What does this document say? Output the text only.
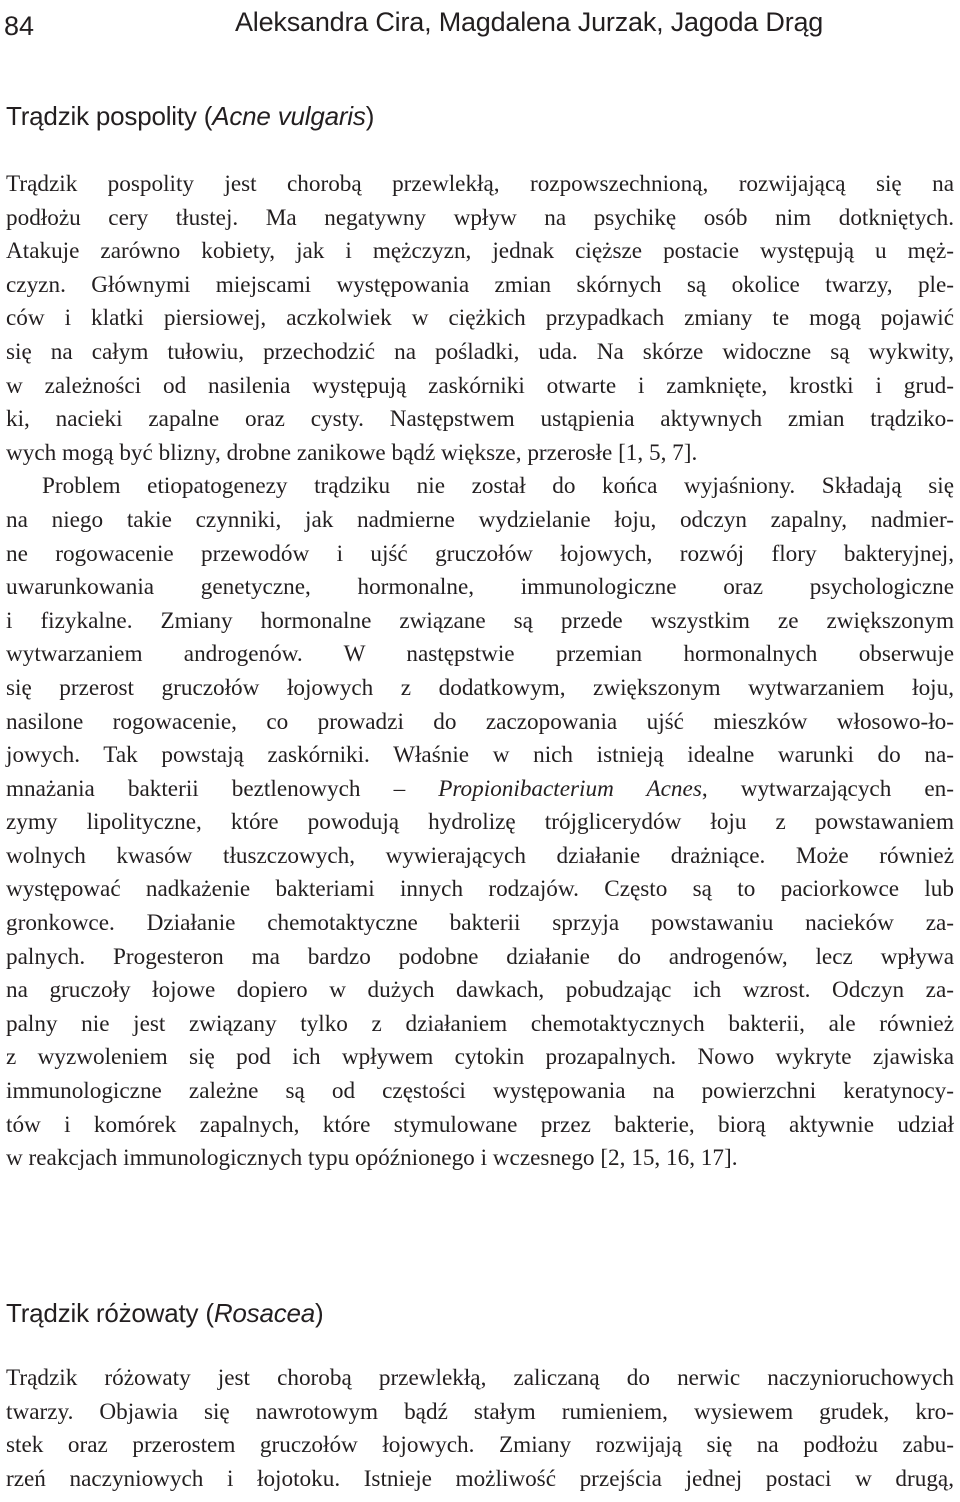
84	Aleksandra Cira, Magdalena Jurzak, Jagoda Drąg
Trądzik pospolity (Acne vulgaris)

Trądzik pospolity jest chorobą przewlekłą, rozpowszechnioną, rozwijającą się na
podłożu cery tłustej. Ma negatywny wpływ na psychikę osób nim dotkniętych.
Atakuje zarówno kobiety, jak i mężczyzn, jednak cięższe postacie występują u męż-
czyzn. Głównymi miejscami występowania zmian skórnych są okolice twarzy, ple-
ców i klatki piersiowej, aczkolwiek w ciężkich przypadkach zmiany te mogą pojawić
się na całym tułowiu, przechodzić na pośladki, uda. Na skórze widoczne są wykwity,
w zależności od nasilenia występują zaskórniki otwarte i zamknięte, krostki i grud-
ki, nacieki zapalne oraz cysty. Następstwem ustąpienia aktywnych zmian trądziko-
wych mogą być blizny, drobne zanikowe bądź większe, przerosłe [1, 5, 7].

Problem etiopatogenezy trądziku nie został do końca wyjaśniony. Składają się
na niego takie czynniki, jak nadmierne wydzielanie łoju, odczyn zapalny, nadmier-
ne rogowacenie przewodów i ujść gruczołów łojowych, rozwój flory bakteryjnej,
uwarunkowania genetyczne, hormonalne, immunologiczne oraz psychologiczne
i fizykalne. Zmiany hormonalne związane są przede wszystkim ze zwiększonym
wytwarzaniem androgenów. W następstwie przemian hormonalnych obserwuje
się przerost gruczołów łojowych z dodatkowym, zwiększonym wytwarzaniem łoju,
nasilone rogowacenie, co prowadzi do zaczopowania ujść mieszków włosowo-ło-
jowych. Tak powstają zaskórniki. Właśnie w nich istnieją idealne warunki do na-
mnażania bakterii beztlenowych – Propionibacterium Acnes, wytwarzających en-
zymy lipolityczne, które powodują hydrolizę trójglicerydów łoju z powstawaniem
wolnych kwasów tłuszczowych, wywierających działanie drażniące. Może również
występować nadkażenie bakteriami innych rodzajów. Często są to paciorkowce lub
gronkowce. Działanie chemotaktyczne bakterii sprzyja powstawaniu nacieków za-
palnych. Progesteron ma bardzo podobne działanie do androgenów, lecz wpływa
na gruczoły łojowe dopiero w dużych dawkach, pobudzając ich wzrost. Odczyn za-
palny nie jest związany tylko z działaniem chemotaktycznych bakterii, ale również
z wyzwoleniem się pod ich wpływem cytokin prozapalnych. Nowo wykryte zjawiska
immunologiczne zależne są od częstości występowania na powierzchni keratynocy-
tów i komórek zapalnych, które stymulowane przez bakterie, biorą aktywnie udział
w reakcjach immunologicznych typu opóźnionego i wczesnego [2, 15, 16, 17].

Trądzik różowaty (Rosacea)

Trądzik różowaty jest chorobą przewlekłą, zaliczaną do nerwic naczynioruchowych
twarzy. Objawia się nawrotowym bądź stałym rumieniem, wysiewem grudek, kro-
stek oraz przerostem gruczołów łojowych. Zmiany rozwijają się na podłożu zabu-
rzeń naczyniowych i łojotoku. Istnieje możliwość przejścia jednej postaci w drugą,
